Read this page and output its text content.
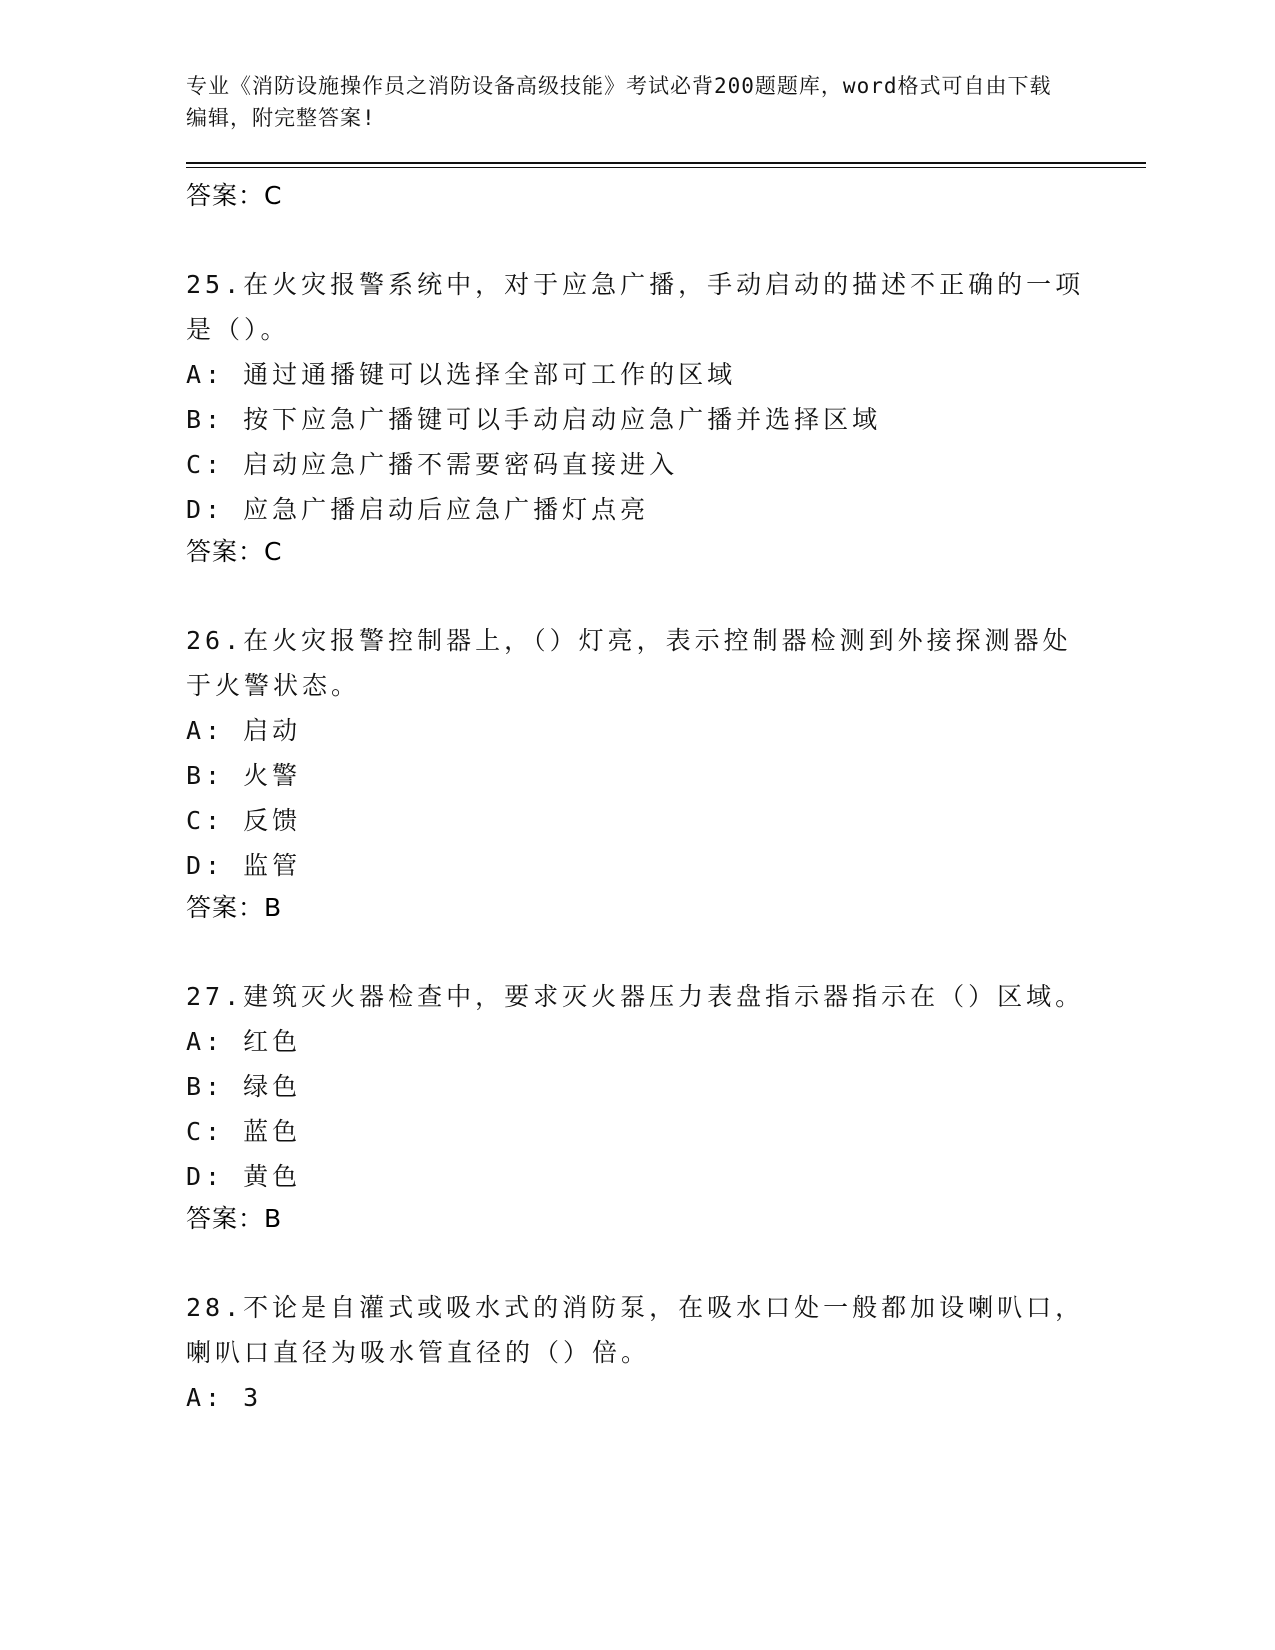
专业《消防设施操作员之消防设备高级技能》考试必背200题题库，word格式可自由下载编辑，附完整答案!

答案：C

25.在火灾报警系统中，对于应急广播，手动启动的描述不正确的一项是（）。

A: 通过通播键可以选择全部可工作的区域

B: 按下应急广播键可以手动启动应急广播并选择区域

C: 启动应急广播不需要密码直接进入

D: 应急广播启动后应急广播灯点亮

答案：C

26.在火灾报警控制器上，（）灯亮，表示控制器检测到外接探测器处于火警状态。

A: 启动

B: 火警

C: 反馈

D: 监管

答案：B

27.建筑灭火器检查中，要求灭火器压力表盘指示器指示在（）区域。

A: 红色

B: 绿色

C: 蓝色

D: 黄色

答案：B

28.不论是自灌式或吸水式的消防泵，在吸水口处一般都加设喇叭口，喇叭口直径为吸水管直径的（）倍。

A: 3
